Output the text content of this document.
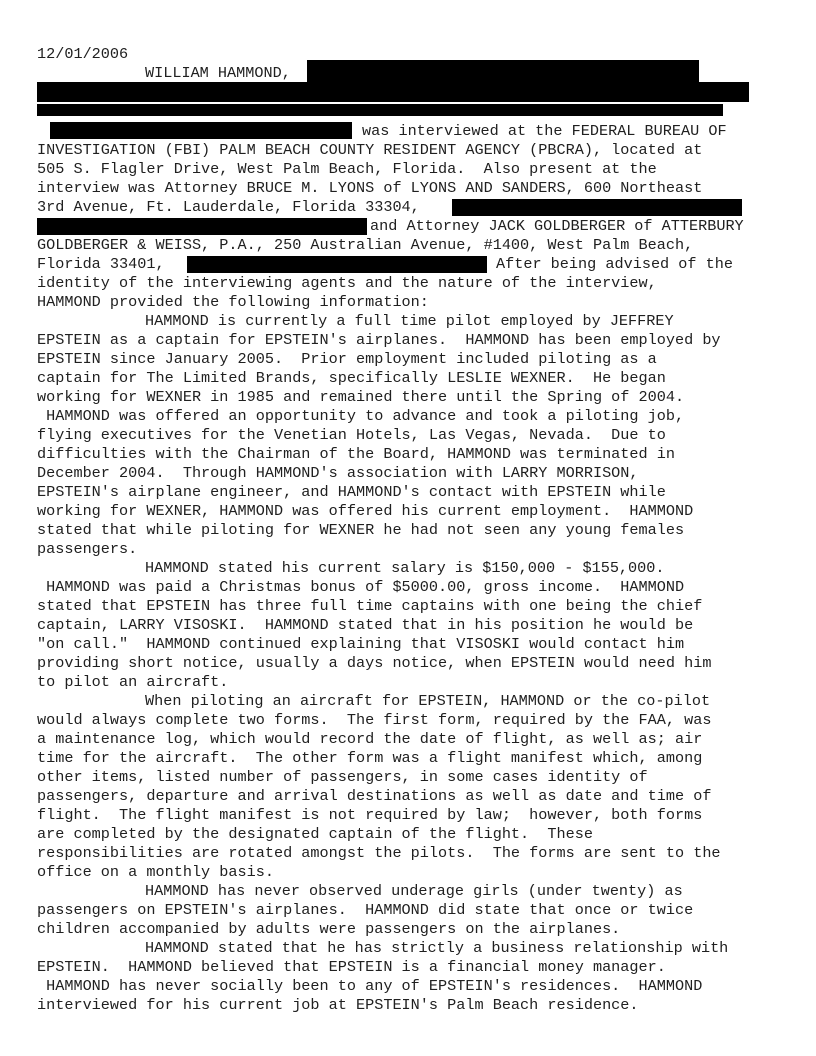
12/01/2006
WILLIAM HAMMOND,
was interviewed at the FEDERAL BUREAU OF
INVESTIGATION (FBI) PALM BEACH COUNTY RESIDENT AGENCY (PBCRA), located at
505 S. Flagler Drive, West Palm Beach, Florida.  Also present at the
interview was Attorney BRUCE M. LYONS of LYONS AND SANDERS, 600 Northeast
3rd Avenue, Ft. Lauderdale, Florida 33304,
and Attorney JACK GOLDBERGER of ATTERBURY
GOLDBERGER & WEISS, P.A., 250 Australian Avenue, #1400, West Palm Beach,
Florida 33401,	After being advised of the
identity of the interviewing agents and the nature of the interview,
HAMMOND provided the following information:
HAMMOND is currently a full time pilot employed by JEFFREY
EPSTEIN as a captain for EPSTEIN's airplanes.  HAMMOND has been employed by
EPSTEIN since January 2005.  Prior employment included piloting as a
captain for The Limited Brands, specifically LESLIE WEXNER.  He began
working for WEXNER in 1985 and remained there until the Spring of 2004.
HAMMOND was offered an opportunity to advance and took a piloting job,
flying executives for the Venetian Hotels, Las Vegas, Nevada.  Due to
difficulties with the Chairman of the Board, HAMMOND was terminated in
December 2004.  Through HAMMOND's association with LARRY MORRISON,
EPSTEIN's airplane engineer, and HAMMOND's contact with EPSTEIN while
working for WEXNER, HAMMOND was offered his current employment.  HAMMOND
stated that while piloting for WEXNER he had not seen any young females
passengers.
HAMMOND stated his current salary is $150,000 - $155,000.
HAMMOND was paid a Christmas bonus of $5000.00, gross income.  HAMMOND
stated that EPSTEIN has three full time captains with one being the chief
captain, LARRY VISOSKI.  HAMMOND stated that in his position he would be
"on call."  HAMMOND continued explaining that VISOSKI would contact him
providing short notice, usually a days notice, when EPSTEIN would need him
to pilot an aircraft.
When piloting an aircraft for EPSTEIN, HAMMOND or the co-pilot
would always complete two forms.  The first form, required by the FAA, was
a maintenance log, which would record the date of flight, as well as; air
time for the aircraft.  The other form was a flight manifest which, among
other items, listed number of passengers, in some cases identity of
passengers, departure and arrival destinations as well as date and time of
flight.  The flight manifest is not required by law;  however, both forms
are completed by the designated captain of the flight.  These
responsibilities are rotated amongst the pilots.  The forms are sent to the
office on a monthly basis.
HAMMOND has never observed underage girls (under twenty) as
passengers on EPSTEIN's airplanes.  HAMMOND did state that once or twice
children accompanied by adults were passengers on the airplanes.
HAMMOND stated that he has strictly a business relationship with
EPSTEIN.  HAMMOND believed that EPSTEIN is a financial money manager.
HAMMOND has never socially been to any of EPSTEIN's residences.  HAMMOND
interviewed for his current job at EPSTEIN's Palm Beach residence.
